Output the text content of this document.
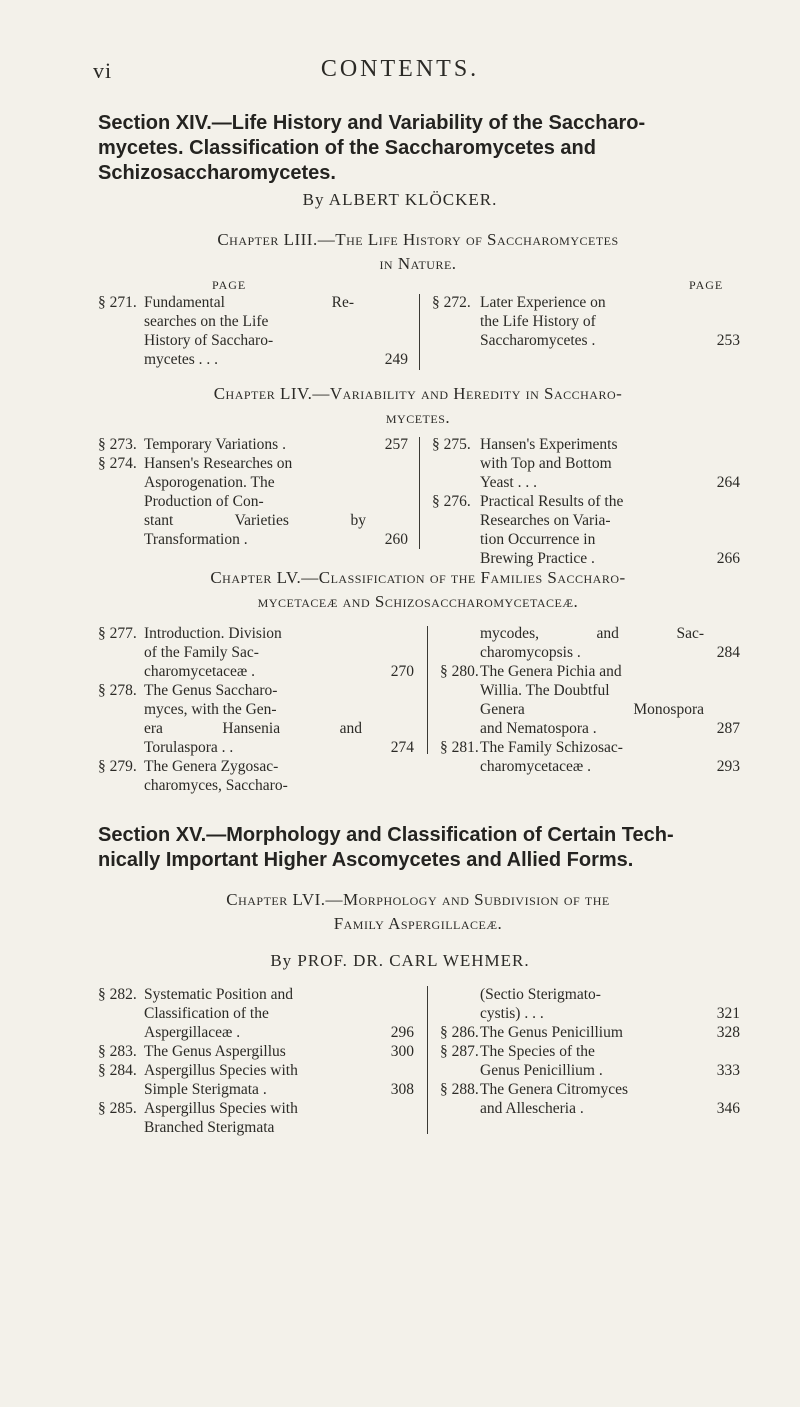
vi	CONTENTS.
Section XIV.—Life History and Variability of the Saccharo-
mycetes. Classification of the Saccharomycetes and
Schizosaccharomycetes.
By ALBERT KLÖCKER.
Chapter LIII.—The Life History of Saccharomycetes
in Nature.
PAGE	PAGE
§ 271. Fundamental Re-
searches on the Life
History of Saccharo-
mycetes . . .	249
§ 272. Later Experience on
the Life History of
Saccharomycetes .	253
Chapter LIV.—Variability and Heredity in Saccharo-
mycetes.
§ 273. Temporary Variations .	257
§ 274. Hansen's Researches on
Asporogenation. The
Production of Con-
stant Varieties by
Transformation .	260
§ 275. Hansen's Experiments
with Top and Bottom
Yeast . . .	264
§ 276. Practical Results of the
Researches on Varia-
tion Occurrence in
Brewing Practice .	266
Chapter LV.—Classification of the Families Saccharo-
mycetaceæ and Schizosaccharomycetaceæ.
§ 277. Introduction. Division
of the Family Sac-
charomycetaceæ .	270
§ 278. The Genus Saccharo-
myces, with the Gen-
era Hansenia and
Torulaspora . .	274
§ 279. The Genera Zygosac-
charomyces, Saccharo-
mycodes, and Sac-
charomycopsis .	284
§ 280. The Genera Pichia and
Willia. The Doubtful
Genera Monospora
and Nematospora .	287
§ 281. The Family Schizosac-
charomycetaceæ .	293
Section XV.—Morphology and Classification of Certain Tech-
nically Important Higher Ascomycetes and Allied Forms.
Chapter LVI.—Morphology and Subdivision of the
Family Aspergillaceæ.
By PROF. DR. CARL WEHMER.
§ 282. Systematic Position and
Classification of the
Aspergillaceæ .	296
§ 283. The Genus Aspergillus	300
§ 284. Aspergillus Species with
Simple Sterigmata .	308
§ 285. Aspergillus Species with
Branched Sterigmata
(Sectio Sterigmato-
cystis) . . .	321
§ 286. The Genus Penicillium	328
§ 287. The Species of the
Genus Penicillium .	333
§ 288. The Genera Citromyces
and Allescheria .	346
